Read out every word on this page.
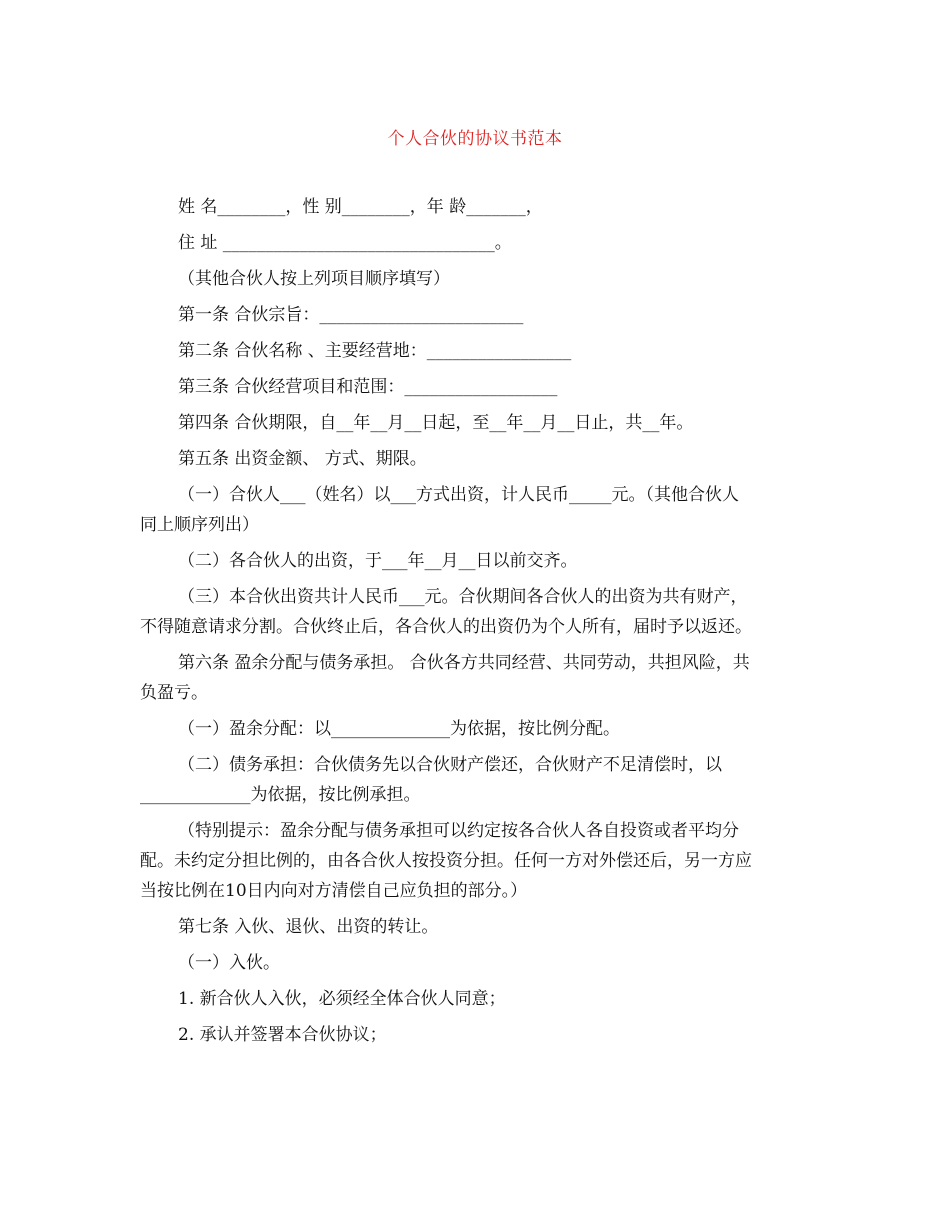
个人合伙的协议书范本

姓 名________，性 别________，年 龄_______，

住 址 ________________________________。

（其他合伙人按上列项目顺序填写）

第一条 合伙宗旨：________________________

第二条 合伙名称 、主要经营地：_________________

第三条 合伙经营项目和范围：__________________

第四条 合伙期限，自__年__月__日起，至__年__月__日止，共__年。

第五条 出资金额、 方式、期限。

（一）合伙人___（姓名）以___方式出资，计人民币_____元。（其他合伙人

同上顺序列出）

（二）各合伙人的出资，于___年__月__日以前交齐。

（三）本合伙出资共计人民币___元。合伙期间各合伙人的出资为共有财产，

不得随意请求分割。合伙终止后，各合伙人的出资仍为个人所有，届时予以返还。

第六条 盈余分配与债务承担。 合伙各方共同经营、共同劳动，共担风险，共

负盈亏。

（一）盈余分配：以______________为依据，按比例分配。

（二）债务承担：合伙债务先以合伙财产偿还，合伙财产不足清偿时，以

_____________为依据，按比例承担。

（特别提示：盈余分配与债务承担可以约定按各合伙人各自投资或者平均分

配。未约定分担比例的，由各合伙人按投资分担。任何一方对外偿还后，另一方应

当按比例在10日内向对方清偿自己应负担的部分。）

第七条 入伙、退伙、出资的转让。

（一）入伙。

1. 新合伙人入伙，必须经全体合伙人同意；

2. 承认并签署本合伙协议；
